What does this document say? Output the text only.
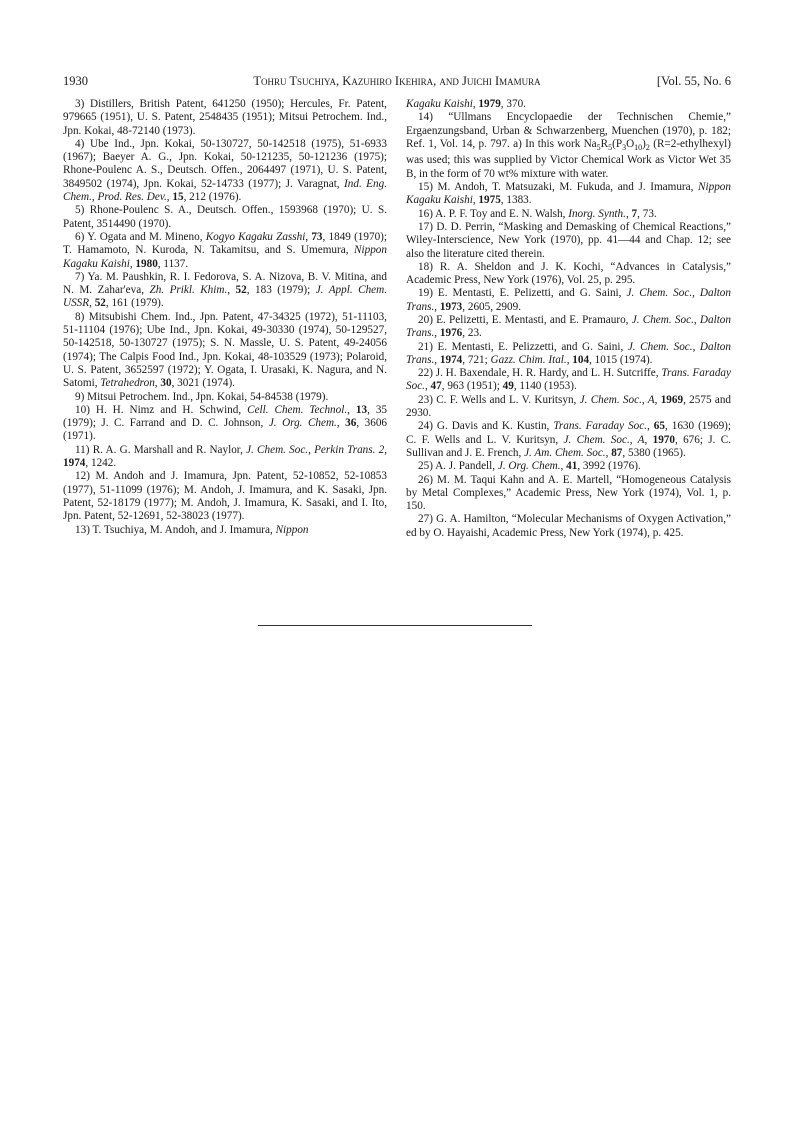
1930	Tohru Tsuchiya, Kazuhiro Ikehira, and Juichi Imamura	[Vol. 55, No. 6

3) Distillers, British Patent, 641250 (1950); Hercules, Fr. Patent, 979665 (1951), U. S. Patent, 2548435 (1951); Mitsui Petrochem. Ind., Jpn. Kokai, 48-72140 (1973).

4) Ube Ind., Jpn. Kokai, 50-130727, 50-142518 (1975), 51-6933 (1967); Baeyer A. G., Jpn. Kokai, 50-121235, 50-121236 (1975); Rhone-Poulenc A. S., Deutsch. Offen., 2064497 (1971), U. S. Patent, 3849502 (1974), Jpn. Kokai, 52-14733 (1977); J. Varagnat, Ind. Eng. Chem., Prod. Res. Dev., 15, 212 (1976).

5) Rhone-Poulenc S. A., Deutsch. Offen., 1593968 (1970); U. S. Patent, 3514490 (1970).

6) Y. Ogata and M. Mineno, Kogyo Kagaku Zasshi, 73, 1849 (1970); T. Hamamoto, N. Kuroda, N. Takamitsu, and S. Umemura, Nippon Kagaku Kaishi, 1980, 1137.

7) Ya. M. Paushkin, R. I. Fedorova, S. A. Nizova, B. V. Mitina, and N. M. Zahar'eva, Zh. Prikl. Khim., 52, 183 (1979); J. Appl. Chem. USSR, 52, 161 (1979).

8) Mitsubishi Chem. Ind., Jpn. Patent, 47-34325 (1972), 51-11103, 51-11104 (1976); Ube Ind., Jpn. Kokai, 49-30330 (1974), 50-129527, 50-142518, 50-130727 (1975); S. N. Massle, U. S. Patent, 49-24056 (1974); The Calpis Food Ind., Jpn. Kokai, 48-103529 (1973); Polaroid, U. S. Patent, 3652597 (1972); Y. Ogata, I. Urasaki, K. Nagura, and N. Satomi, Tetrahedron, 30, 3021 (1974).

9) Mitsui Petrochem. Ind., Jpn. Kokai, 54-84538 (1979).

10) H. H. Nimz and H. Schwind, Cell. Chem. Technol., 13, 35 (1979); J. C. Farrand and D. C. Johnson, J. Org. Chem., 36, 3606 (1971).

11) R. A. G. Marshall and R. Naylor, J. Chem. Soc., Perkin Trans. 2, 1974, 1242.

12) M. Andoh and J. Imamura, Jpn. Patent, 52-10852, 52-10853 (1977), 51-11099 (1976); M. Andoh, J. Imamura, and K. Sasaki, Jpn. Patent, 52-18179 (1977); M. Andoh, J. Imamura, K. Sasaki, and I. Ito, Jpn. Patent, 52-12691, 52-38023 (1977).

13) T. Tsuchiya, M. Andoh, and J. Imamura, Nippon

Kagaku Kaishi, 1979, 370.

14) “Ullmans Encyclopaedie der Technischen Chemie,” Ergaenzungsband, Urban & Schwarzenberg, Muenchen (1970), p. 182; Ref. 1, Vol. 14, p. 797. a) In this work $Na_5R_5(P_3O_{10})_2$ (R=2-ethylhexyl) was used; this was supplied by Victor Chemical Work as Victor Wet 35 B, in the form of 70 wt% mixture with water.

15) M. Andoh, T. Matsuzaki, M. Fukuda, and J. Imamura, Nippon Kagaku Kaishi, 1975, 1383.

16) A. P. F. Toy and E. N. Walsh, Inorg. Synth., 7, 73.

17) D. D. Perrin, “Masking and Demasking of Chemical Reactions,” Wiley-Interscience, New York (1970), pp. 41—44 and Chap. 12; see also the literature cited therein.

18) R. A. Sheldon and J. K. Kochi, “Advances in Catalysis,” Academic Press, New York (1976), Vol. 25, p. 295.

19) E. Mentasti, E. Pelizetti, and G. Saini, J. Chem. Soc., Dalton Trans., 1973, 2605, 2909.

20) E. Pelizetti, E. Mentasti, and E. Pramauro, J. Chem. Soc., Dalton Trans., 1976, 23.

21) E. Mentasti, E. Pelizzetti, and G. Saini, J. Chem. Soc., Dalton Trans., 1974, 721; Gazz. Chim. Ital., 104, 1015 (1974).

22) J. H. Baxendale, H. R. Hardy, and L. H. Sutcriffe, Trans. Faraday Soc., 47, 963 (1951); 49, 1140 (1953).

23) C. F. Wells and L. V. Kuritsyn, J. Chem. Soc., A, 1969, 2575 and 2930.

24) G. Davis and K. Kustin, Trans. Faraday Soc., 65, 1630 (1969); C. F. Wells and L. V. Kuritsyn, J. Chem. Soc., A, 1970, 676; J. C. Sullivan and J. E. French, J. Am. Chem. Soc., 87, 5380 (1965).

25) A. J. Pandell, J. Org. Chem., 41, 3992 (1976).

26) M. M. Taqui Kahn and A. E. Martell, “Homogeneous Catalysis by Metal Complexes,” Academic Press, New York (1974), Vol. 1, p. 150.

27) G. A. Hamilton, “Molecular Mechanisms of Oxygen Activation,” ed by O. Hayaishi, Academic Press, New York (1974), p. 425.
